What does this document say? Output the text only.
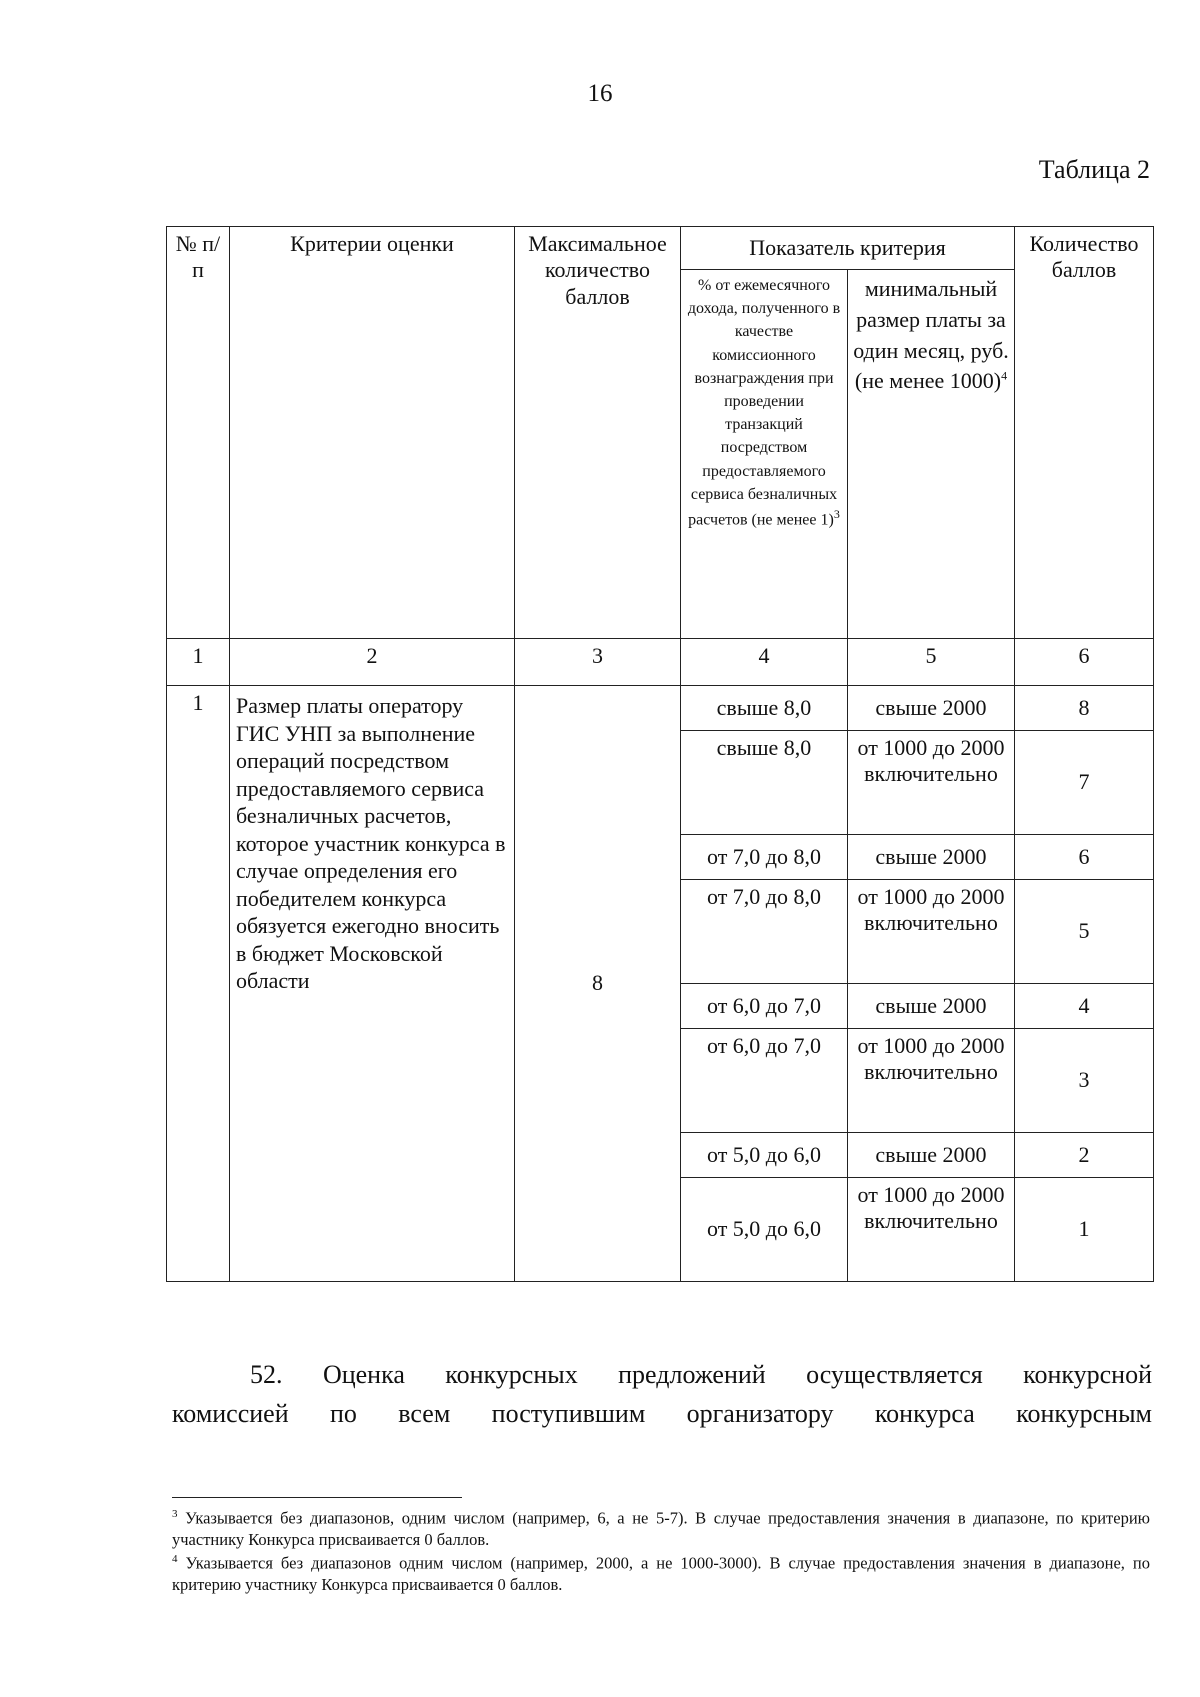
16
Таблица 2
№ п/п	Критерии оценки	Максимальное количество баллов	Показатель критерия		Количество баллов
			% от ежемесячного дохода, полученного в качестве комиссионного вознаграждения при проведении транзакций посредством предоставляемого сервиса безналичных расчетов (не менее 1)$^3$	минимальный размер платы за один месяц, руб. (не менее 1000)$^4$
1	2	3	4	5	6
1	Размер платы оператору ГИС УНП за выполнение операций посредством предоставляемого сервиса безналичных расчетов, которое участник конкурса в случае определения его победителем конкурса обязуется ежегодно вносить в бюджет Московской области	8	свыше 8,0	свыше 2000	8
			свыше 8,0	от 1000 до 2000 включительно	7
			от 7,0 до 8,0	свыше 2000	6
			от 7,0 до 8,0	от 1000 до 2000 включительно	5
			от 6,0 до 7,0	свыше 2000	4
			от 6,0 до 7,0	от 1000 до 2000 включительно	3
			от 5,0 до 6,0	свыше 2000	2
			от 5,0 до 6,0	от 1000 до 2000 включительно	1
52. Оценка конкурсных предложений осуществляется конкурсной
комиссией по всем поступившим организатору конкурса конкурсным

$^3$ Указывается без диапазонов, одним числом (например, 6, а не 5-7). В случае предоставления значения в диапазоне, по критерию участнику Конкурса присваивается 0 баллов.

$^4$ Указывается без диапазонов одним числом (например, 2000, а не 1000-3000). В случае предоставления значения в диапазоне, по критерию участнику Конкурса присваивается 0 баллов.
